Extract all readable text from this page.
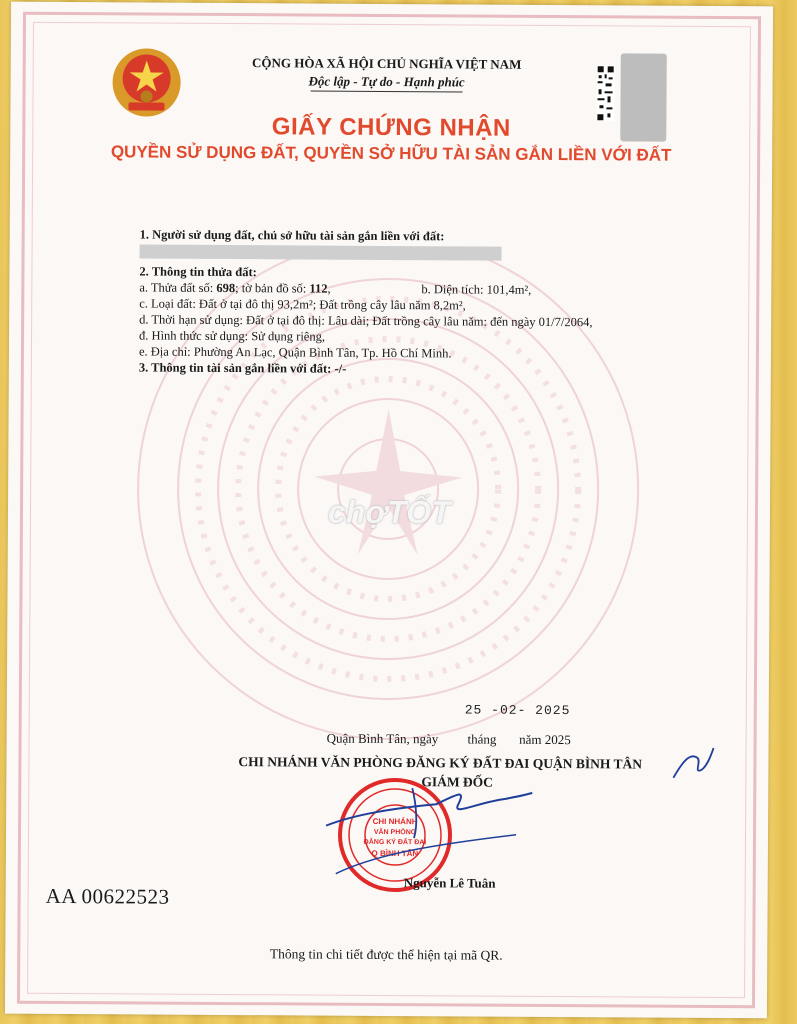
CỘNG HÒA XÃ HỘI CHỦ NGHĨA VIỆT NAM
Độc lập - Tự do - Hạnh phúc
GIẤY CHỨNG NHẬN
QUYỀN SỬ DỤNG ĐẤT, QUYỀN SỞ HỮU TÀI SẢN GẮN LIỀN VỚI ĐẤT
1. Người sử dụng đất, chủ sở hữu tài sản gắn liền với đất:
2. Thông tin thửa đất:
a. Thửa đất số: 698; tờ bản đồ số: 112,	b. Diện tích: 101,4m²,
c. Loại đất: Đất ở tại đô thị 93,2m²; Đất trồng cây lâu năm 8,2m²,
d. Thời hạn sử dụng: Đất ở tại đô thị: Lâu dài; Đất trồng cây lâu năm: đến ngày 01/7/2064,
đ. Hình thức sử dụng: Sử dụng riêng,
e. Địa chỉ: Phường An Lạc, Quận Bình Tân, Tp. Hồ Chí Minh.
3. Thông tin tài sản gắn liền với đất: -/-
chợTỐT
25 -02- 2025
Quận Bình Tân, ngày         tháng       năm 2025
CHI NHÁNH VĂN PHÒNG ĐĂNG KÝ ĐẤT ĐAI QUẬN BÌNH TÂN
GIÁM ĐỐC
CHI NHÁNH
VĂN PHÒNG
ĐĂNG KÝ ĐẤT ĐAI
Q BÌNH TÂN
Nguyễn Lê Tuân
AA 00622523
Thông tin chi tiết được thể hiện tại mã QR.
